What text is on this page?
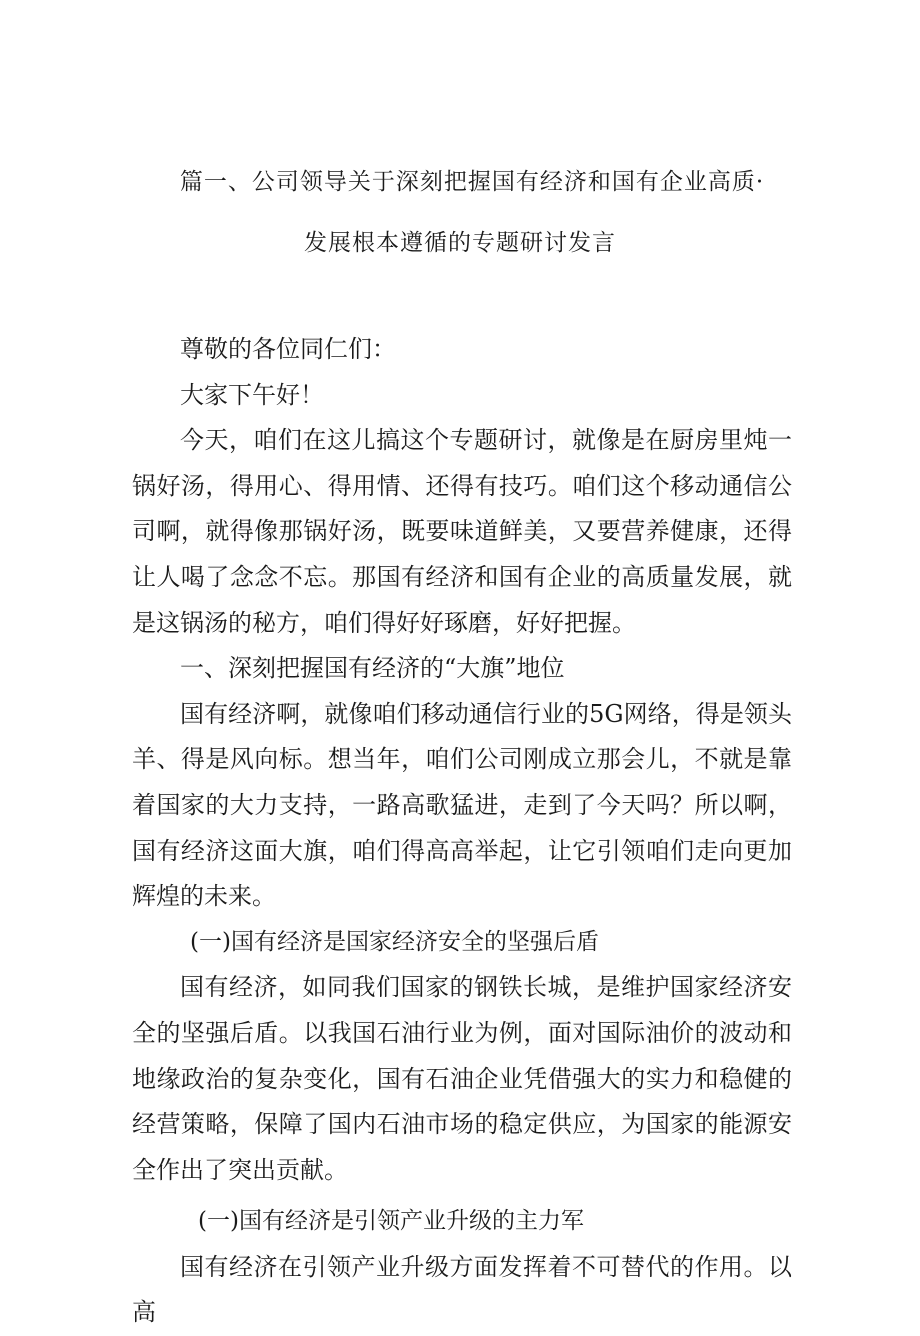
篇一、公司领导关于深刻把握国有经济和国有企业高质·
发展根本遵循的专题研讨发言

尊敬的各位同仁们：

大家下午好！

今天，咱们在这儿搞这个专题研讨，就像是在厨房里炖一锅好汤，得用心、得用情、还得有技巧。咱们这个移动通信公司啊，就得像那锅好汤，既要味道鲜美，又要营养健康，还得让人喝了念念不忘。那国有经济和国有企业的高质量发展，就是这锅汤的秘方，咱们得好好琢磨，好好把握。

一、深刻把握国有经济的“大旗”地位

国有经济啊，就像咱们移动通信行业的5G网络，得是领头羊、得是风向标。想当年，咱们公司刚成立那会儿，不就是靠着国家的大力支持，一路高歌猛进，走到了今天吗？所以啊，国有经济这面大旗，咱们得高高举起，让它引领咱们走向更加辉煌的未来。

(一)国有经济是国家经济安全的坚强后盾

国有经济，如同我们国家的钢铁长城，是维护国家经济安全的坚强后盾。以我国石油行业为例，面对国际油价的波动和地缘政治的复杂变化，国有石油企业凭借强大的实力和稳健的经营策略，保障了国内石油市场的稳定供应，为国家的能源安全作出了突出贡献。

(一)国有经济是引领产业升级的主力军

国有经济在引领产业升级方面发挥着不可替代的作用。以高
